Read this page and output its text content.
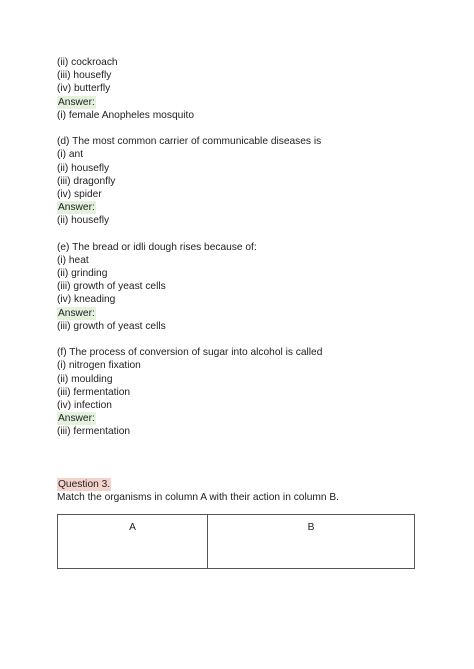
(ii) cockroach
(iii) housefly
(iv) butterfly
Answer:
(i) female Anopheles mosquito
(d) The most common carrier of communicable diseases is
(i) ant
(ii) housefly
(iii) dragonfly
(iv) spider
Answer:
(ii) housefly
(e) The bread or idli dough rises because of:
(i) heat
(ii) grinding
(iii) growth of yeast cells
(iv) kneading
Answer:
(iii) growth of yeast cells
(f) The process of conversion of sugar into alcohol is called
(i) nitrogen fixation
(ii) moulding
(iii) fermentation
(iv) infection
Answer:
(iii) fermentation
Question 3.
Match the organisms in column A with their action in column B.
A	B
